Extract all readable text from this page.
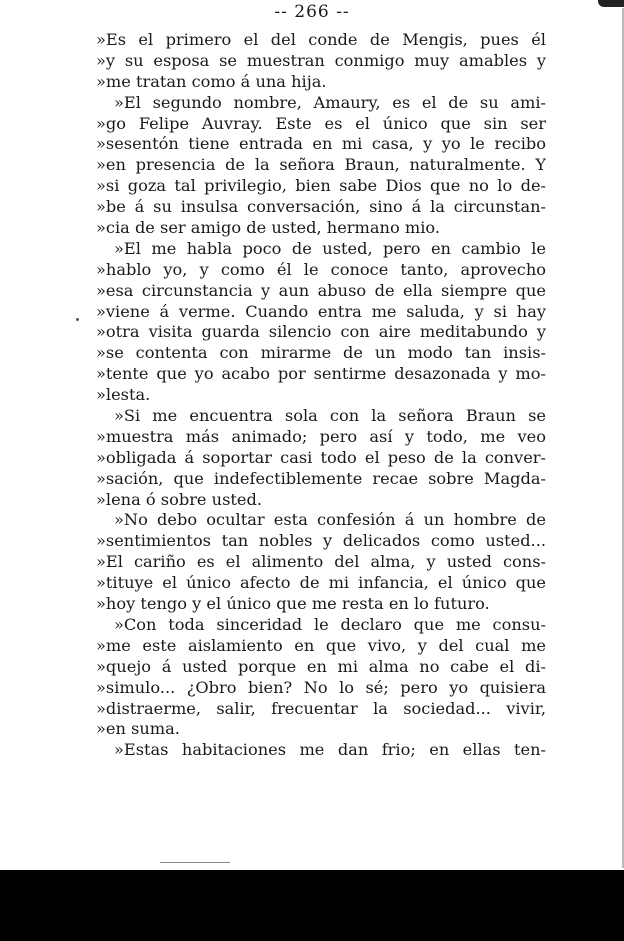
-- 266 --
»Es el primero el del conde de Mengis, pues él
»y su esposa se muestran conmigo muy amables y
»me tratan como á una hija.
»El segundo nombre, Amaury, es el de su ami-
»go Felipe Auvray. Este es el único que sin ser
»sesentón tiene entrada en mi casa, y yo le recibo
»en presencia de la señora Braun, naturalmente. Y
»si goza tal privilegio, bien sabe Dios que no lo de-
»be á su insulsa conversación, sino á la circunstan-
»cia de ser amigo de usted, hermano mio.
»El me habla poco de usted, pero en cambio le
»hablo yo, y como él le conoce tanto, aprovecho
»esa circunstancia y aun abuso de ella siempre que
»viene á verme. Cuando entra me saluda, y si hay
»otra visita guarda silencio con aire meditabundo y
»se contenta con mirarme de un modo tan insis-
»tente que yo acabo por sentirme desazonada y mo-
»lesta.
»Si me encuentra sola con la señora Braun se
»muestra más animado; pero así y todo, me veo
»obligada á soportar casi todo el peso de la conver-
»sación, que indefectiblemente recae sobre Magda-
»lena ó sobre usted.
»No debo ocultar esta confesión á un hombre de
»sentimientos tan nobles y delicados como usted...
»El cariño es el alimento del alma, y usted cons-
»tituye el único afecto de mi infancia, el único que
»hoy tengo y el único que me resta en lo futuro.
»Con toda sinceridad le declaro que me consu-
»me este aislamiento en que vivo, y del cual me
»quejo á usted porque en mi alma no cabe el di-
»simulo... ¿Obro bien? No lo sé; pero yo quisiera
»distraerme, salir, frecuentar la sociedad... vivir,
»en suma.
»Estas habitaciones me dan frio; en ellas ten-
